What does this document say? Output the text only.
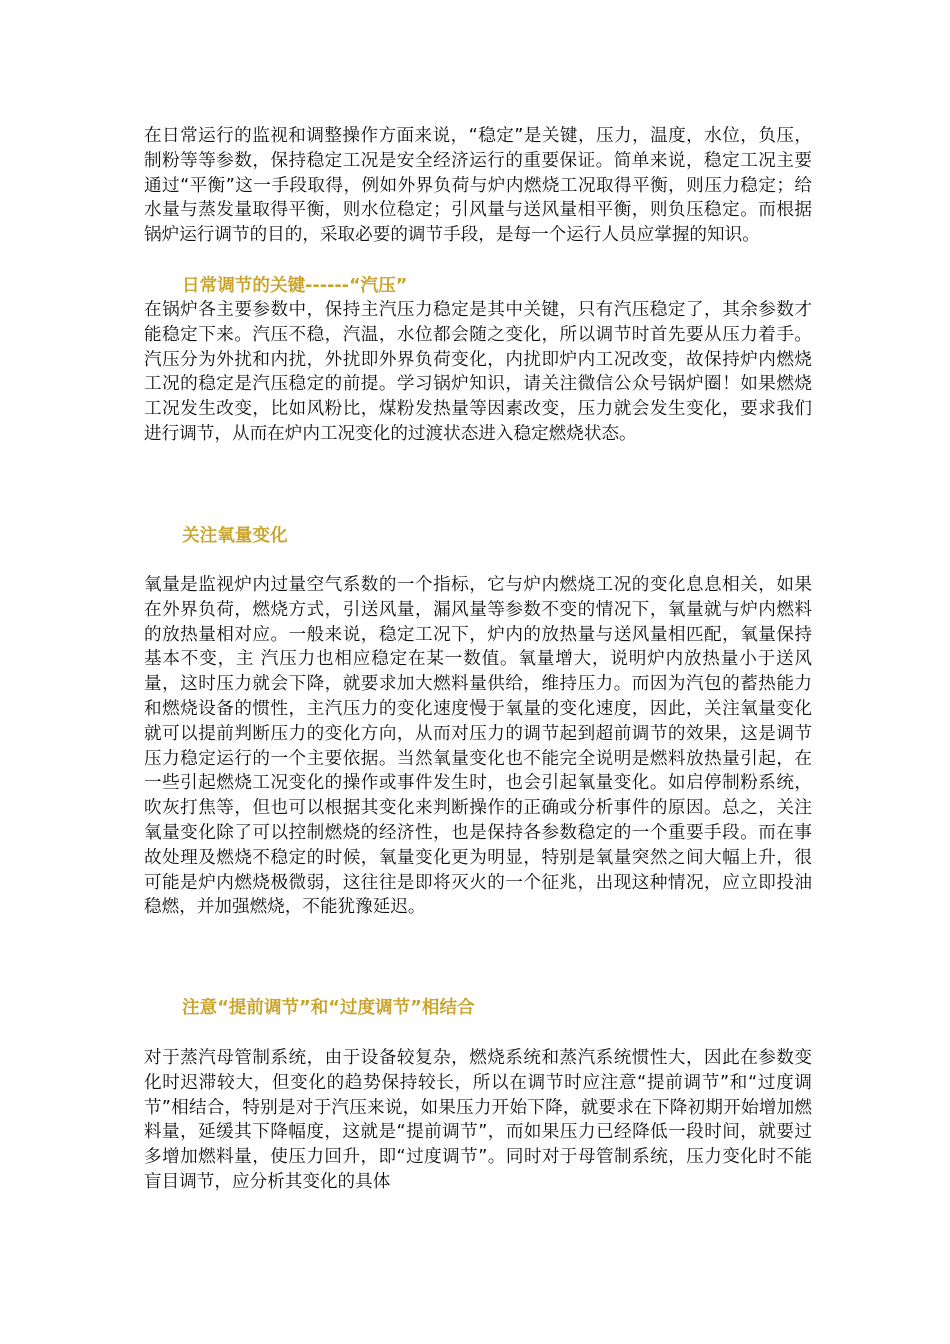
在日常运行的监视和调整操作方面来说，“稳定”是关键，压力，温度，水位，负压，制粉等等参数，保持稳定工况是安全经济运行的重要保证。简单来说，稳定工况主要通过“平衡”这一手段取得，例如外界负荷与炉内燃烧工况取得平衡，则压力稳定；给水量与蒸发量取得平衡，则水位稳定；引风量与送风量相平衡，则负压稳定。而根据锅炉运行调节的目的，采取必要的调节手段，是每一个运行人员应掌握的知识。

日常调节的关键------“汽压”

在锅炉各主要参数中，保持主汽压力稳定是其中关键，只有汽压稳定了，其余参数才能稳定下来。汽压不稳，汽温，水位都会随之变化，所以调节时首先要从压力着手。汽压分为外扰和内扰，外扰即外界负荷变化，内扰即炉内工况改变，故保持炉内燃烧工况的稳定是汽压稳定的前提。学习锅炉知识，请关注微信公众号锅炉圈！如果燃烧工况发生改变，比如风粉比，煤粉发热量等因素改变，压力就会发生变化，要求我们进行调节，从而在炉内工况变化的过渡状态进入稳定燃烧状态。

关注氧量变化

氧量是监视炉内过量空气系数的一个指标，它与炉内燃烧工况的变化息息相关，如果在外界负荷，燃烧方式，引送风量，漏风量等参数不变的情况下，氧量就与炉内燃料的放热量相对应。一般来说，稳定工况下，炉内的放热量与送风量相匹配，氧量保持基本不变，主 汽压力也相应稳定在某一数值。氧量增大，说明炉内放热量小于送风量，这时压力就会下降，就要求加大燃料量供给，维持压力。而因为汽包的蓄热能力和燃烧设备的惯性，主汽压力的变化速度慢于氧量的变化速度，因此，关注氧量变化就可以提前判断压力的变化方向，从而对压力的调节起到超前调节的效果，这是调节压力稳定运行的一个主要依据。当然氧量变化也不能完全说明是燃料放热量引起，在一些引起燃烧工况变化的操作或事件发生时，也会引起氧量变化。如启停制粉系统，吹灰打焦等，但也可以根据其变化来判断操作的正确或分析事件的原因。总之，关注氧量变化除了可以控制燃烧的经济性，也是保持各参数稳定的一个重要手段。而在事故处理及燃烧不稳定的时候，氧量变化更为明显，特别是氧量突然之间大幅上升，很可能是炉内燃烧极微弱，这往往是即将灭火的一个征兆，出现这种情况，应立即投油稳燃，并加强燃烧，不能犹豫延迟。

注意“提前调节”和“过度调节”相结合

对于蒸汽母管制系统，由于设备较复杂，燃烧系统和蒸汽系统惯性大，因此在参数变化时迟滞较大，但变化的趋势保持较长，所以在调节时应注意“提前调节”和“过度调节”相结合，特别是对于汽压来说，如果压力开始下降，就要求在下降初期开始增加燃料量，延缓其下降幅度，这就是“提前调节”，而如果压力已经降低一段时间，就要过多增加燃料量，使压力回升，即“过度调节”。同时对于母管制系统，压力变化时不能盲目调节，应分析其变化的具体
